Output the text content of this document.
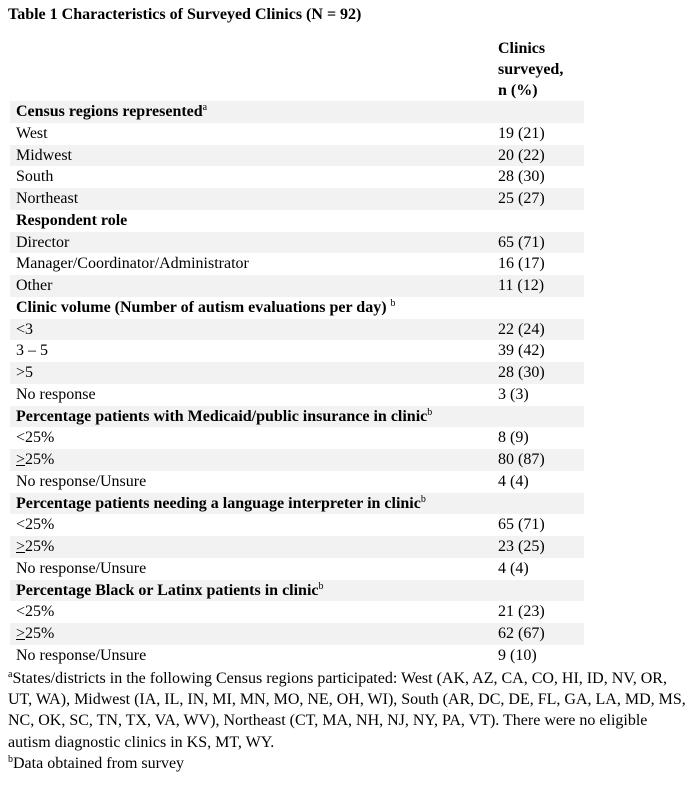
Table 1 Characteristics of Surveyed Clinics (N = 92)
Clinics
surveyed,
n (%)
Census regions represented$^a$
West	19 (21)
Midwest	20 (22)
South	28 (30)
Northeast	25 (27)
Respondent role
Director	65 (71)
Manager/Coordinator/Administrator	16 (17)
Other	11 (12)
Clinic volume (Number of autism evaluations per day) $^b$
<3	22 (24)
3 – 5	39 (42)
>5	28 (30)
No response	3 (3)
Percentage patients with Medicaid/public insurance in clinic$^b$
<25%	8 (9)
>25%	80 (87)
No response/Unsure	4 (4)
Percentage patients needing a language interpreter in clinic$^b$
<25%	65 (71)
>25%	23 (25)
No response/Unsure	4 (4)
Percentage Black or Latinx patients in clinic$^b$
<25%	21 (23)
>25%	62 (67)
No response/Unsure	9 (10)

$^a$States/districts in the following Census regions participated: West (AK, AZ, CA, CO, HI, ID, NV, OR, UT, WA), Midwest (IA, IL, IN, MI, MN, MO, NE, OH, WI), South (AR, DC, DE, FL, GA, LA, MD, MS, NC, OK, SC, TN, TX, VA, WV), Northeast (CT, MA, NH, NJ, NY, PA, VT). There were no eligible autism diagnostic clinics in KS, MT, WY.

$^b$Data obtained from survey
